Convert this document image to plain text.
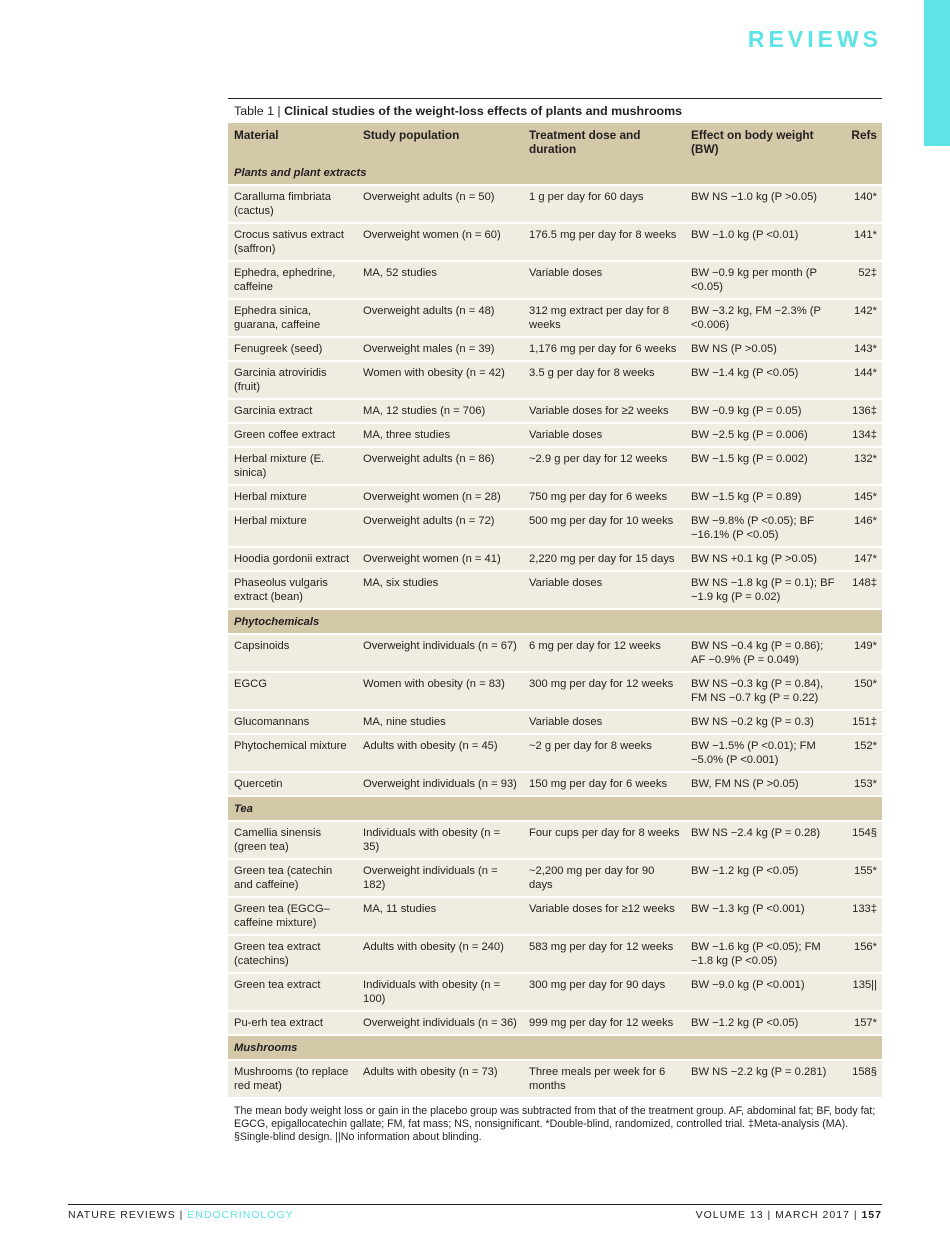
REVIEWS
Table 1 | Clinical studies of the weight-loss effects of plants and mushrooms
Material	Study population	Treatment dose and duration	Effect on body weight (BW)	Refs
Plants and plant extracts				
Caralluma fimbriata (cactus)	Overweight adults (n = 50)	1 g per day for 60 days	BW NS −1.0 kg (P >0.05)	140*
Crocus sativus extract (saffron)	Overweight women (n = 60)	176.5 mg per day for 8 weeks	BW −1.0 kg (P <0.01)	141*
Ephedra, ephedrine, caffeine	MA, 52 studies	Variable doses	BW −0.9 kg per month (P <0.05)	52‡
Ephedra sinica, guarana, caffeine	Overweight adults (n = 48)	312 mg extract per day for 8 weeks	BW −3.2 kg, FM −2.3% (P <0.006)	142*
Fenugreek (seed)	Overweight males (n = 39)	1,176 mg per day for 6 weeks	BW NS (P >0.05)	143*
Garcinia atroviridis (fruit)	Women with obesity (n = 42)	3.5 g per day for 8 weeks	BW −1.4 kg (P <0.05)	144*
Garcinia extract	MA, 12 studies (n = 706)	Variable doses for ≥2 weeks	BW −0.9 kg (P = 0.05)	136‡
Green coffee extract	MA, three studies	Variable doses	BW −2.5 kg (P = 0.006)	134‡
Herbal mixture (E. sinica)	Overweight adults (n = 86)	~2.9 g per day for 12 weeks	BW −1.5 kg (P = 0.002)	132*
Herbal mixture	Overweight women (n = 28)	750 mg per day for 6 weeks	BW −1.5 kg (P = 0.89)	145*
Herbal mixture	Overweight adults (n = 72)	500 mg per day for 10 weeks	BW −9.8% (P <0.05); BF −16.1% (P <0.05)	146*
Hoodia gordonii extract	Overweight women (n = 41)	2,220 mg per day for 15 days	BW NS +0.1 kg (P >0.05)	147*
Phaseolus vulgaris extract (bean)	MA, six studies	Variable doses	BW NS −1.8 kg (P = 0.1); BF −1.9 kg (P = 0.02)	148‡
Phytochemicals				
Capsinoids	Overweight individuals (n = 67)	6 mg per day for 12 weeks	BW NS −0.4 kg (P = 0.86); AF −0.9% (P = 0.049)	149*
EGCG	Women with obesity (n = 83)	300 mg per day for 12 weeks	BW NS −0.3 kg (P = 0.84), FM NS −0.7 kg (P = 0.22)	150*
Glucomannans	MA, nine studies	Variable doses	BW NS −0.2 kg (P = 0.3)	151‡
Phytochemical mixture	Adults with obesity (n = 45)	~2 g per day for 8 weeks	BW −1.5% (P <0.01); FM −5.0% (P <0.001)	152*
Quercetin	Overweight individuals (n = 93)	150 mg per day for 6 weeks	BW, FM NS (P >0.05)	153*
Tea				
Camellia sinensis (green tea)	Individuals with obesity (n = 35)	Four cups per day for 8 weeks	BW NS −2.4 kg (P = 0.28)	154§
Green tea (catechin and caffeine)	Overweight individuals (n = 182)	~2,200 mg per day for 90 days	BW −1.2 kg (P <0.05)	155*
Green tea (EGCG–caffeine mixture)	MA, 11 studies	Variable doses for ≥12 weeks	BW −1.3 kg (P <0.001)	133‡
Green tea extract (catechins)	Adults with obesity (n = 240)	583 mg per day for 12 weeks	BW −1.6 kg (P <0.05); FM −1.8 kg (P <0.05)	156*
Green tea extract	Individuals with obesity (n = 100)	300 mg per day for 90 days	BW −9.0 kg (P <0.001)	135||
Pu-erh tea extract	Overweight individuals (n = 36)	999 mg per day for 12 weeks	BW −1.2 kg (P <0.05)	157*
Mushrooms				
Mushrooms (to replace red meat)	Adults with obesity (n = 73)	Three meals per week for 6 months	BW NS −2.2 kg (P = 0.281)	158§
The mean body weight loss or gain in the placebo group was subtracted from that of the treatment group. AF, abdominal fat; BF, body fat; EGCG, epigallocatechin gallate; FM, fat mass; NS, nonsignificant. *Double-blind, randomized, controlled trial. ‡Meta-analysis (MA). §Single-blind design. ||No information about blinding.
NATURE REVIEWS | ENDOCRINOLOGY	VOLUME 13 | MARCH 2017 | 157
